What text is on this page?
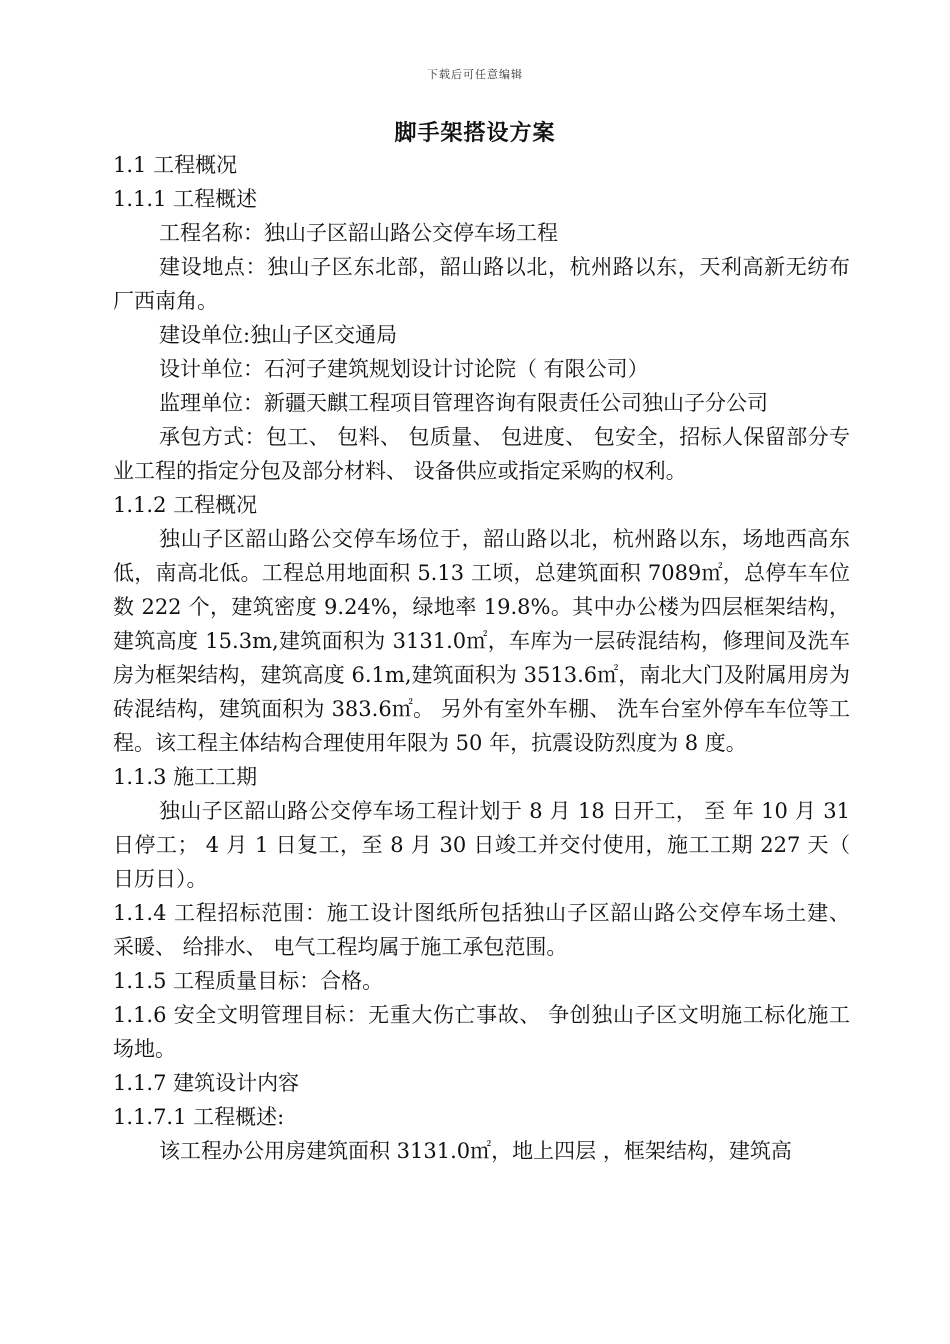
下载后可任意编辑
脚手架搭设方案

1.1 工程概况

1.1.1 工程概述

工程名称：独山子区韶山路公交停车场工程

建设地点：独山子区东北部，韶山路以北，杭州路以东，天利高新无纺布厂西南角。

建设单位:独山子区交通局

设计单位：石河子建筑规划设计讨论院（ 有限公司）

监理单位：新疆天麒工程项目管理咨询有限责任公司独山子分公司

承包方式：包工、 包料、 包质量、 包进度、 包安全，招标人保留部分专业工程的指定分包及部分材料、 设备供应或指定采购的权利。

1.1.2 工程概况

独山子区韶山路公交停车场位于，韶山路以北，杭州路以东，场地西高东低，南高北低。工程总用地面积 5.13 工顷，总建筑面积 7089㎡，总停车车位数 222 个，建筑密度 9.24%，绿地率 19.8%。其中办公楼为四层框架结构，建筑高度 15.3m,建筑面积为 3131.0㎡，车库为一层砖混结构，修理间及洗车房为框架结构，建筑高度 6.1m,建筑面积为 3513.6㎡，南北大门及附属用房为砖混结构，建筑面积为 383.6㎡。 另外有室外车棚、 洗车台室外停车车位等工程。该工程主体结构合理使用年限为 50 年，抗震设防烈度为 8 度。

1.1.3 施工工期

独山子区韶山路公交停车场工程计划于 8 月 18 日开工， 至 年 10 月 31 日停工； 4 月 1 日复工，至 8 月 30 日竣工并交付使用，施工工期 227 天（ 日历日）。

1.1.4 工程招标范围：施工设计图纸所包括独山子区韶山路公交停车场土建、 采暖、 给排水、 电气工程均属于施工承包范围。

1.1.5 工程质量目标：合格。

1.1.6 安全文明管理目标：无重大伤亡事故、 争创独山子区文明施工标化施工场地。

1.1.7 建筑设计内容

1.1.7.1 工程概述:

该工程办公用房建筑面积 3131.0㎡，地上四层 ，框架结构，建筑高
